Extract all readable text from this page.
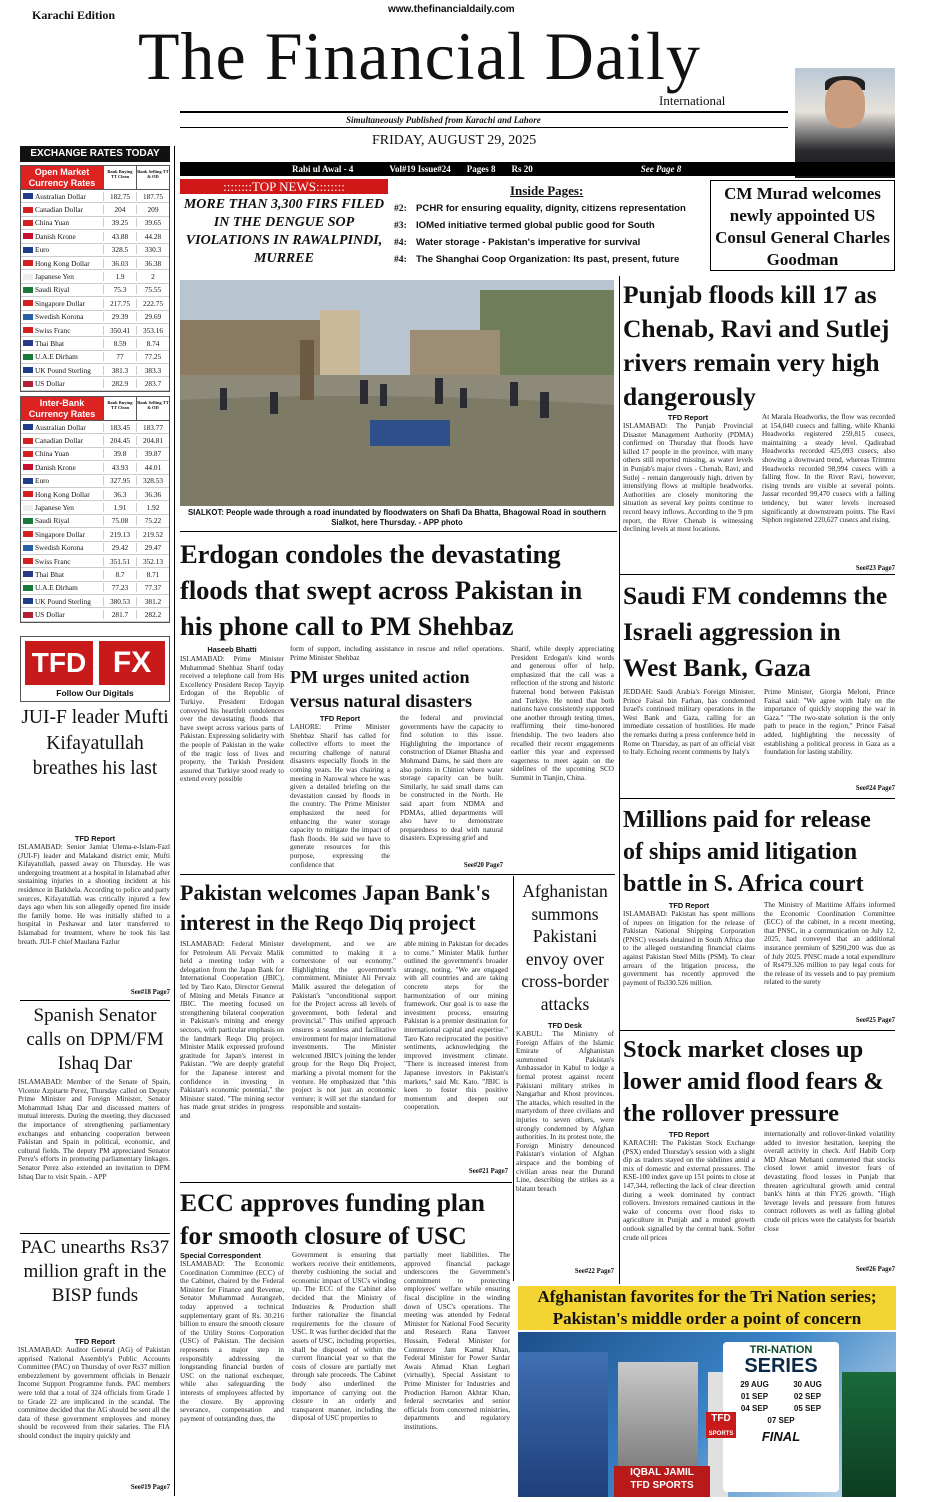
Karachi Edition	www.thefinancialdaily.com
The Financial Daily
International
Simultaneously Published from Karachi and Lahore
FRIDAY, AUGUST 29, 2025
Rabi ul Awal - 4	Vol#19 Issue#24	Pages 8	Rs 20	See Page 8
EXCHANGE RATES TODAY
Open Market Currency Rates
Bank Buying TT Clean
Bank Selling TT & OD
Australian Dollar	182.75	187.75
Canadian Dollar	204	209
China Yuan	39.25	39.65
Danish Krone	43.88	44.28
Euro	328.5	330.3
Hong Kong Dollar	36.03	36.38
Japanese Yen	1.9	2
Saudi Riyal	75.3	75.55
Singapore Dollar	217.75	222.75
Swedish Korona	29.39	29.69
Swiss Franc	350.41	353.16
Thai Bhat	8.59	8.74
U.A.E Dirham	77	77.25
UK Pound Sterling	381.3	383.3
US Dollar	282.9	283.7
Inter-Bank Currency Rates
Bank Buying TT Clean
Bank Selling TT & OD
Australian Dollar	183.45	183.77
Canadian Dollar	204.45	204.81
China Yuan	39.8	39.87
Danish Krone	43.93	44.01
Euro	327.95	328.53
Hong Kong Dollar	36.3	36.36
Japanese Yen	1.91	1.92
Saudi Riyal	75.08	75.22
Singapore Dollar	219.13	219.52
Swedish Korona	29.42	29.47
Swiss Franc	351.51	352.13
Thai Bhat	8.7	8.71
U.A.E Dirham	77.23	77.37
UK Pound Sterling	380.53	381.2
US Dollar	281.7	282.2
TFD FX
Follow Our Digitals
::::::::TOP NEWS::::::::
MORE THAN 3,300 FIRS FILED IN THE DENGUE SOP VIOLATIONS IN RAWALPINDI, MURREE
Inside Pages:
#2: PCHR for ensuring equality, dignity, citizens representation
#3: IOMed initiative termed global public good for South
#4: Water storage - Pakistan's imperative for survival
#4: The Shanghai Coop Organization: Its past, present, future
CM Murad welcomes newly appointed US Consul General Charles Goodman
SIALKOT: People wade through a road inundated by floodwaters on Shafi Da Bhatta, Bhagowal Road in southern Sialkot, here Thursday. - APP photo
Punjab floods kill 17 as Chenab, Ravi and Sutlej rivers remain very high dangerously
TFD Report
ISLAMABAD: The Punjab Provincial Disaster Management Authority (PDMA) confirmed on Thursday that floods have killed 17 people in the province, with many others still reported missing, as water levels in Punjab's major rivers - Chenab, Ravi, and Sutlej - remain dangerously high, driven by intensifying flows at multiple headworks. Authorities are closely monitoring the situation as several key points continue to record heavy inflows. According to the 9 pm report, the River Chenab is witnessing declining levels at most locations.
At Marala Headworks, the flow was recorded at 154,040 cusecs and falling, while Khanki Headworks registered 259,815 cusecs, maintaining a steady level. Qadirabad Headworks recorded 425,093 cusecs, also showing a downward trend, whereas Trimmu Headworks recorded 98,994 cusecs with a falling flow. In the River Ravi, however, rising trends are visible at several points. Jassar recorded 99,470 cusecs with a falling tendency, but water levels increased significantly at downstream points. The Ravi Siphon registered 220,627 cusecs and rising.
See#23 Page7
Erdogan condoles the devastating floods that swept across Pakistan in his phone call to PM Shehbaz
Haseeb Bhatti
ISLAMABAD: Prime Minister Muhammad Shehbaz Sharif today received a telephone call from His Excellency President Recep Tayyip Erdogan of the Republic of Turkiye. President Erdogan conveyed his heartfelt condolences over the devastating floods that have swept across various parts of Pakistan. Expressing solidarity with the people of Pakistan in the wake of the tragic loss of lives and property, the Turkish President assured that Turkiye stood ready to extend every possible
form of support, including assistance in rescue and relief operations. Prime Minister Shehbaz
Sharif, while deeply appreciating President Erdogan's kind words and generous offer of help, emphasized that the call was a reflection of the strong and historic fraternal bond between Pakistan and Turkiye. He noted that both nations have consistently supported one another through testing times, reaffirming their time-honored friendship. The two leaders also recalled their recent engagements earlier this year and expressed eagerness to meet again on the sidelines of the upcoming SCO Summit in Tianjin, China.
PM urges united action versus natural disasters
TFD Report
LAHORE: Prime Minister Shehbaz Sharif has called for collective efforts to meet the recurring challenge of natural disasters especially floods in the coming years. He was chairing a meeting in Narowal where he was given a detailed briefing on the devastation caused by floods in the country. The Prime Minister emphasized the need for enhancing the water storage capacity to mitigate the impact of flash floods. He said we have to generate resources for this purpose, expressing the confidence that
the federal and provincial governments have the capacity to find solution to this issue. Highlighting the importance of construction of Diamer Bhasha and Mohmand Dams, he said there are also points in Chiniot where water storage capacity can be built. Similarly, he said small dams can be constructed in the North. He said apart from NDMA and PDMAs, allied departments will also have to demonstrate preparedness to deal with natural disasters. Expressing grief and
See#20 Page7
Saudi FM condemns the Israeli aggression in West Bank, Gaza
JEDDAH: Saudi Arabia's Foreign Minister, Prince Faisal bin Farhan, has condemned Israel's continued military operations in the West Bank and Gaza, calling for an immediate cessation of hostilities. He made the remarks during a press conference held in Rome on Thursday, as part of an official visit to Italy. Echoing recent comments by Italy's
Prime Minister, Giorgia Meloni, Prince Faisal said: "We agree with Italy on the importance of quickly stopping the war in Gaza." "The two-state solution is the only path to peace in the region," Prince Faisal added, highlighting the necessity of establishing a political process in Gaza as a foundation for lasting stability.
See#24 Page7
Millions paid for release of ships amid litigation battle in S. Africa court
TFD Report
ISLAMABAD: Pakistan has spent millions of rupees on litigation for the release of Pakistan National Shipping Corporation (PNSC) vessels detained in South Africa due to the alleged outstanding financial claims against Pakistan Steel Mills (PSM). To clear arrears of the litigation process, the government has recently approved the payment of Rs330.526 million.
The Ministry of Maritime Affairs informed the Economic Coordination Committee (ECC) of the cabinet, in a recent meeting, that PNSC, in a communication on July 12, 2025, had conveyed that an additional insurance premium of $290,200 was due as of July 2025. PNSC made a total expenditure of Rs479.326 million to pay legal costs for the release of its vessels and to pay premium related to the surety
See#25 Page7
Pakistan welcomes Japan Bank's interest in the Reqo Diq project
ISLAMABAD: Federal Minister for Petroleum Ali Pervaiz Malik held a meeting today with a delegation from the Japan Bank for International Cooperation (JBIC), led by Taro Kato, Director General of Mining and Metals Finance at JBIC. The meeting focused on strengthening bilateral cooperation in Pakistan's mining and energy sectors, with particular emphasis on the landmark Reqo Diq project. Minister Malik expressed profound gratitude for Japan's interest in Pakistan. "We are deeply grateful for the Japanese interest and confidence in investing in Pakistan's economic potential," the Minister stated. "The mining sector has made great strides in progress and
development, and we are committed to making it a cornerstone of our economy." Highlighting the government's commitment, Minister Ali Pervaiz Malik assured the delegation of Pakistan's "unconditional support for the Project across all levels of government, both federal and provincial." This unified approach ensures a seamless and facilitative environment for major international investments. The Minister welcomed JBIC's joining the lender group for the Reqo Diq Project, marking a pivotal moment for the venture. He emphasized that "this project is not just an economic venture; it will set the standard for responsible and sustain-
able mining in Pakistan for decades to come." Minister Malik further outlined the government's broader strategy, noting, "We are engaged with all countries and are taking concrete steps for the harmonization of our mining framework. Our goal is to ease the investment process, ensuring Pakistan is a premier destination for international capital and expertise." Taro Kato reciprocated the positive sentiments, acknowledging the improved investment climate. "There is increased interest from Japanese investors in Pakistan's markets," said Mr. Kato. "JBIC is keen to foster this positive momentum and deepen our cooperation.
See#21 Page7
Afghanistan summons Pakistani envoy over cross-border attacks
TFD Desk
KABUL: The Ministry of Foreign Affairs of the Islamic Emirate of Afghanistan summoned Pakistan's Ambassador in Kabul to lodge a formal protest against recent Pakistani military strikes in Nangarhar and Khost provinces. The attacks, which resulted in the martyrdom of three civilians and injuries to seven others, were strongly condemned by Afghan authorities. In its protest note, the Foreign Ministry denounced Pakistan's violation of Afghan airspace and the bombing of civilian areas near the Durand Line, describing the strikes as a blatant breach
See#22 Page7
ECC approves funding plan for smooth closure of USC
Special Correspondent
ISLAMABAD: The Economic Coordination Committee (ECC) of the Cabinet, chaired by the Federal Minister for Finance and Revenue, Senator Muhammad Aurangzeb, today approved a technical supplementary grant of Rs. 30.216 billion to ensure the smooth closure of the Utility Stores Corporation (USC) of Pakistan. The decision represents a major step in responsibly addressing the longstanding financial burden of USC on the national exchequer, while also safeguarding the interests of employees affected by the closure. By approving severance, compensation and payment of outstanding dues, the
Government is ensuring that workers receive their entitlements, thereby cushioning the social and economic impact of USC's winding up. The ECC of the Cabinet also decided that the Ministry of Industries & Production shall further rationalize the financial requirements for the closure of USC. It was further decided that the assets of USC, including properties, shall be disposed of within the current financial year so that the costs of closure are partially met through sale proceeds. The Cabinet body also underlined the importance of carrying out the closure in an orderly and transparent manner, including the disposal of USC properties to
partially meet liabilities. The approved financial package underscores the Government's commitment to protecting employees' welfare while ensuring fiscal discipline in the winding down of USC's operations. The meeting was attended by Federal Minister for National Food Security and Research Rana Tanveer Hussain, Federal Minister for Commerce Jam Kamal Khan, Federal Minister for Power Sardar Awais Ahmad Khan Leghari (virtually), Special Assistant to Prime Minister for Industries and Production Haroon Akhtar Khan, federal secretaries and senior officials from concerned ministries, departments and regulatory institutions.
Stock market closes up lower amid flood fears & the rollover pressure
TFD Report
KARACHI: The Pakistan Stock Exchange (PSX) ended Thursday's session with a slight dip as traders stayed on the sidelines amid a mix of domestic and external pressures. The KSE-100 index gave up 151 points to close at 147,344, reflecting the lack of clear direction during a week dominated by contract rollovers. Investors remained cautious in the wake of concerns over flood risks to agriculture in Punjab and a muted growth outlook signalled by the central bank. Softer crude oil prices
internationally and rollover-linked volatility added to investor hesitation, keeping the overall activity in check. Arif Habib Corp MD Ahsan Mehanti commented that stocks closed lower amid investor fears of devastating flood losses in Punjab that threaten agricultural growth amid central bank's hints at thin FY26 growth. "High leverage levels and pressure from futures contract rollovers as well as falling global crude oil prices were the catalysts for bearish close
See#26 Page7
JUI-F leader Mufti Kifayatullah breathes his last
TFD Report
ISLAMABAD: Senior Jamiat Ulema-e-Islam-Fazl (JUI-F) leader and Malakand district emir, Mufti Kifayatullah, passed away on Thursday. He was undergoing treatment at a hospital in Islamabad after sustaining injuries in a shooting incident at his residence in Batkhela. According to police and party sources, Kifayatullah was critically injured a few days ago when his son allegedly opened fire inside the family home. He was initially shifted to a hospital in Peshawar and later transferred to Islamabad for treatment, where he took his last breath. JUI-F chief Maulana Fazlur
See#18 Page7
Spanish Senator calls on DPM/FM Ishaq Dar
ISLAMABAD: Member of the Senate of Spain, Vicente Azpitarte Perez, Thursday called on Deputy Prime Minister and Foreign Minister, Senator Mohammad Ishaq Dar and discussed matters of mutual interests. During the meeting, they discussed the importance of strengthening parliamentary exchanges and enhancing cooperation between Pakistan and Spain in political, economic, and cultural fields. The deputy PM appreciated Senator Perez's efforts in promoting parliamentary linkages. Senator Perez also extended an invitation to DPM Ishaq Dar to visit Spain. - APP
PAC unearths Rs37 million graft in the BISP funds
TFD Report
ISLAMABAD: Auditor General (AG) of Pakistan apprised National Assembly's Public Accounts Committee (PAC) on Thursday of over Rs37 million embezzlement by government officials in Benazir Income Support Programme funds. PAC members were told that a total of 324 officials from Grade 1 to Grade 22 are implicated in the scandal. The committee decided that the AG should be sent all the data of these government employees and money should be recovered from their salaries. The FIA should conduct the inquiry quickly and
See#19 Page7
Afghanistan favorites for the Tri Nation series;
Pakistan's middle order a point of concern
TRI-NATION
SERIES
29 AUG	30 AUG
01 SEP	02 SEP
04 SEP	05 SEP
07 SEP
FINAL
TFD
SPORTS
IQBAL JAMIL
TFD SPORTS
